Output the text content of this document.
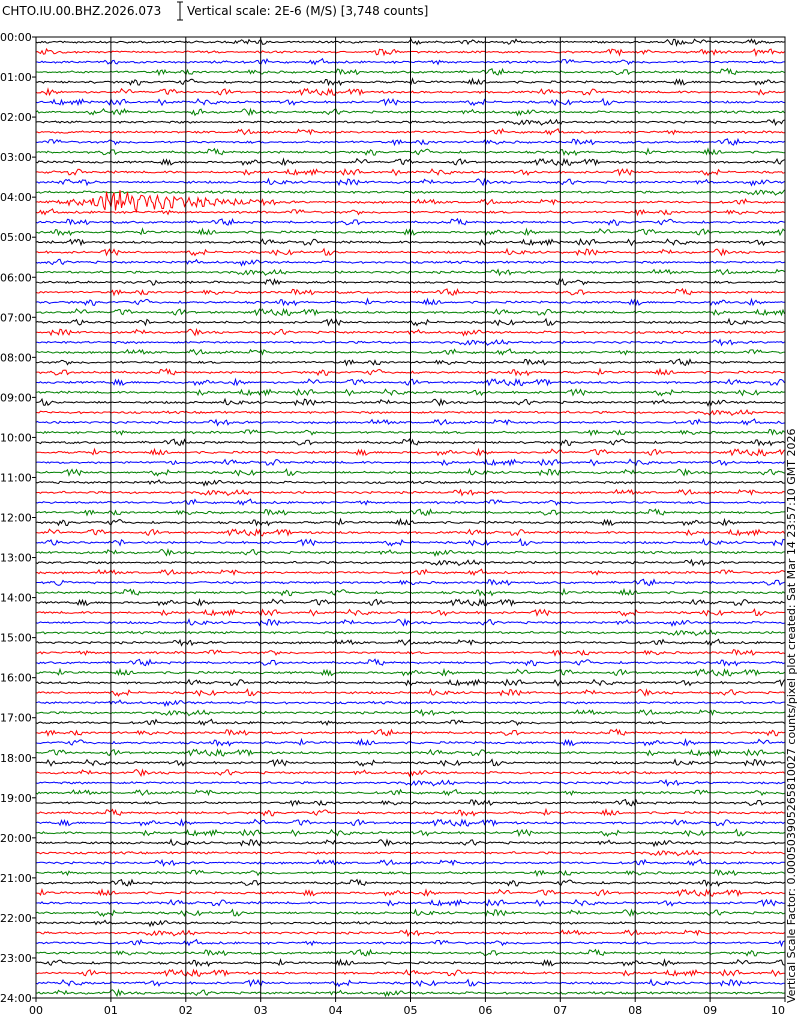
CHTO.IU.00.BHZ.2026.073 Vertical scale: 2E-6 (M/S) [3,748 counts]
00:00
01:00
02:00
03:00
04:00
05:00
06:00
07:00
08:00
09:00
10:00
11:00
12:00
13:00
14:00
15:00
16:00
17:00
18:00
19:00
20:00
21:00
22:00
23:00
24:00
00	01	02	03	04	05	06	07	08	09	10
Vertical Scale Factor: 0.000503905265810027 counts/pixel plot created: Sat Mar 14 23:57:10 GMT 2026
